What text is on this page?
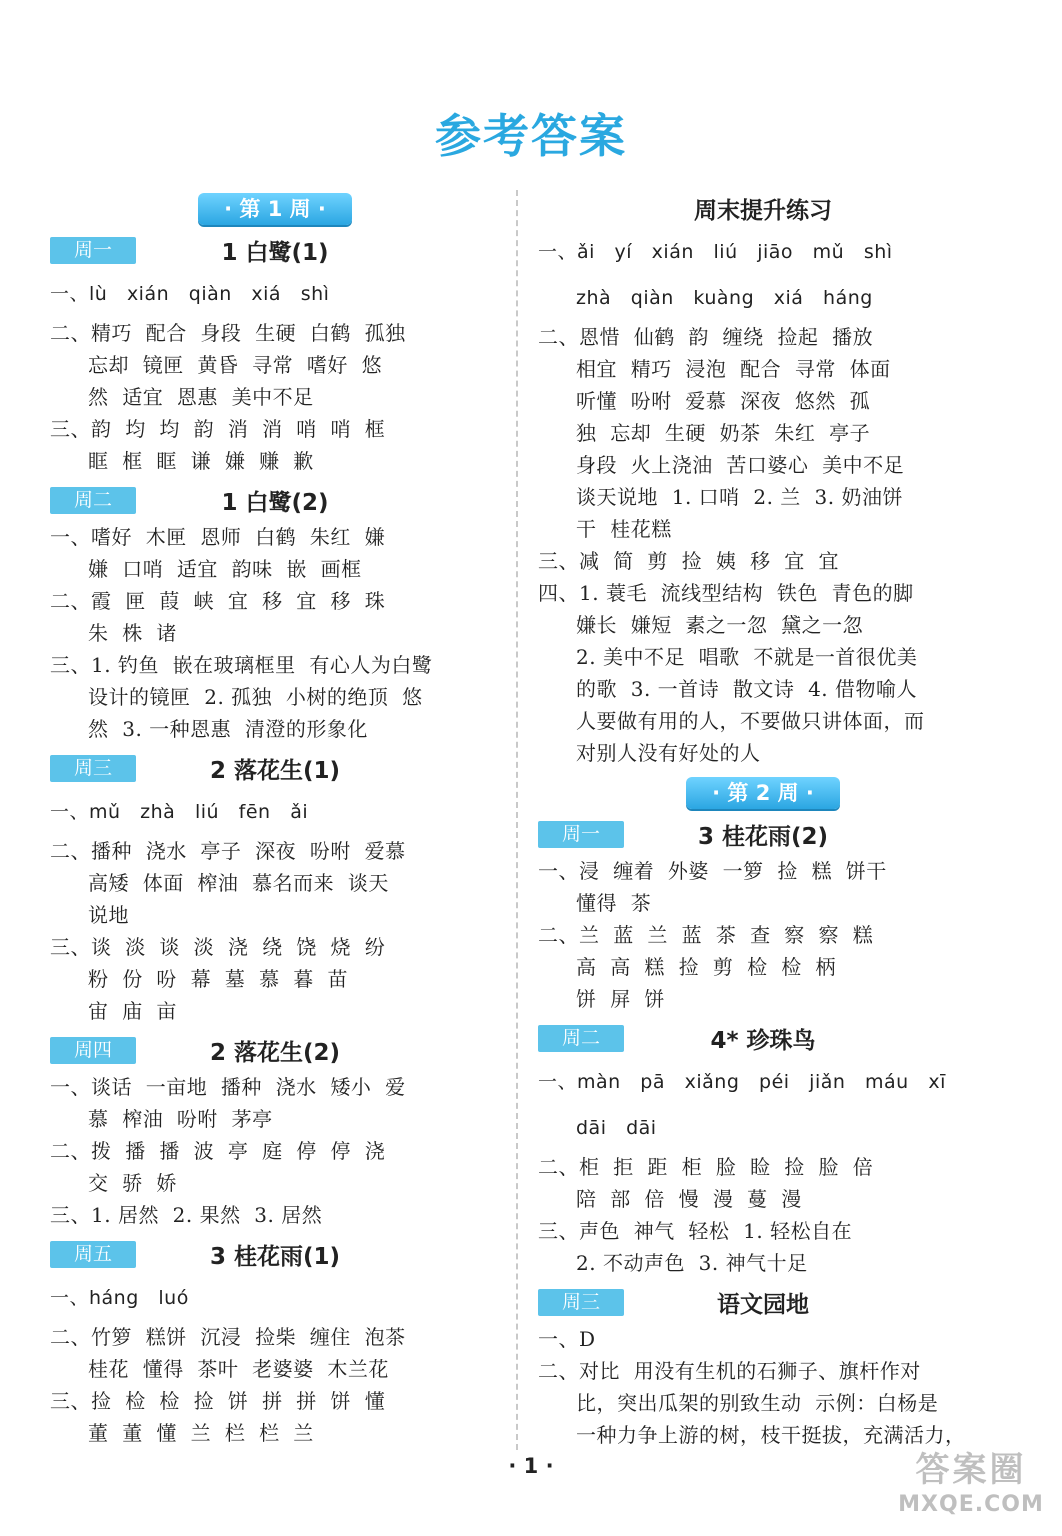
参考答案
· 第 1 周 ·
1 白鹭(1)
周一
一、lù   xián   qiàn   xiá   shì
二、精巧  配合  身段  生硬  白鹤  孤独
忘却  镜匣  黄昏  寻常  嗜好  悠
然  适宜  恩惠  美中不足
三、韵  均  均  韵  消  消  哨  哨  框
眶  框  眶  谦  嫌  赚  歉
1 白鹭(2)
周二
一、嗜好  木匣  恩师  白鹤  朱红  嫌
嫌  口哨  适宜  韵味  嵌  画框
二、霞  匣  葭  峡  宜  移  宜  移  珠
朱  株  诸
三、1. 钓鱼  嵌在玻璃框里  有心人为白鹭
设计的镜匣  2. 孤独  小树的绝顶  悠
然  3. 一种恩惠  清澄的形象化
2 落花生(1)
周三
一、mǔ   zhà   liú   fēn   ǎi
二、播种  浇水  亭子  深夜  吩咐  爱慕
高矮  体面  榨油  慕名而来  谈天
说地
三、谈  淡  谈  淡  浇  绕  饶  烧  纷
粉  份  吩  幕  墓  慕  暮  苗
宙  庙  亩
2 落花生(2)
周四
一、谈话  一亩地  播种  浇水  矮小  爱
慕  榨油  吩咐  茅亭
二、拨  播  播  波  亭  庭  停  停  浇
交  骄  娇
三、1. 居然  2. 果然  3. 居然
3 桂花雨(1)
周五
一、háng   luó
二、竹箩  糕饼  沉浸  捡柴  缠住  泡茶
桂花  懂得  茶叶  老婆婆  木兰花
三、捡  检  检  捡  饼  拼  拼  饼  懂
董  董  懂  兰  栏  栏  兰
周末提升练习
一、ǎi   yí   xián   liú   jiāo   mǔ   shì
zhà   qiàn   kuàng   xiá   háng
二、恩惜  仙鹤  韵  缠绕  捡起  播放
相宜  精巧  浸泡  配合  寻常  体面
听懂  吩咐  爱慕  深夜  悠然  孤
独  忘却  生硬  奶茶  朱红  亭子
身段  火上浇油  苦口婆心  美中不足
谈天说地  1. 口哨  2. 兰  3. 奶油饼
干  桂花糕
三、减  简  剪  捡  姨  移  宜  宜
四、1. 蓑毛  流线型结构  铁色  青色的脚
嫌长  嫌短  素之一忽  黛之一忽
2. 美中不足  唱歌  不就是一首很优美
的歌  3. 一首诗  散文诗  4. 借物喻人
人要做有用的人，不要做只讲体面，而
对别人没有好处的人
· 第 2 周 ·
3 桂花雨(2)
周一
一、浸  缠着  外婆  一箩  捡  糕  饼干
懂得  茶
二、兰  蓝  兰  蓝  茶  查  察  察  糕
高  高  糕  捡  剪  检  检  柄
饼  屏  饼
4* 珍珠鸟
周二
一、màn   pā   xiǎng   péi   jiǎn   máu   xī
dāi   dāi
二、柜  拒  距  柜  脸  睑  捡  脸  倍
陪  部  倍  慢  漫  蔓  漫
三、声色  神气  轻松  1. 轻松自在
2. 不动声色  3. 神气十足
语文园地
周三
一、D
二、对比  用没有生机的石狮子、旗杆作对
比，突出瓜架的别致生动  示例：白杨是
一种力争上游的树，枝干挺拔，充满活力，
· 1 ·	答案圈
MXQE.COM
